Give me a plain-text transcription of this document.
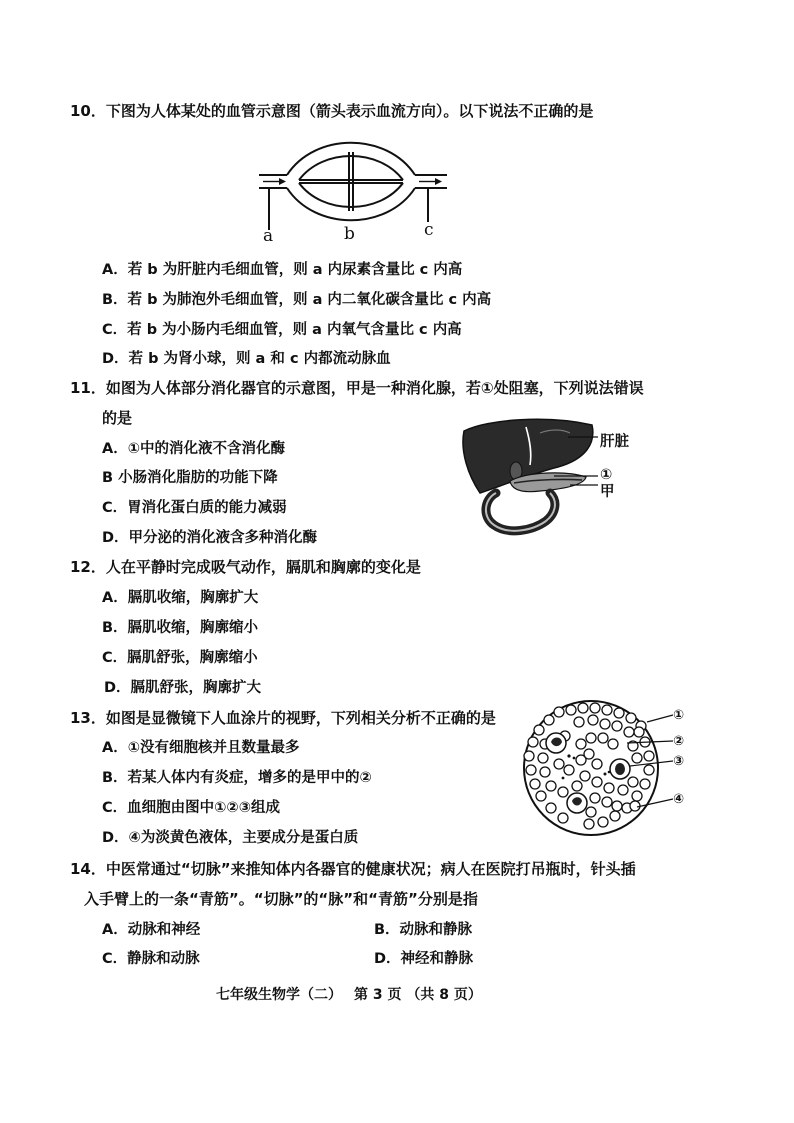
10．下图为人体某处的血管示意图（箭头表示血流方向）。以下说法不正确的是
a	b	c
A．若 b 为肝脏内毛细血管，则 a 内尿素含量比 c 内高
B．若 b 为肺泡外毛细血管，则 a 内二氧化碳含量比 c 内高
C．若 b 为小肠内毛细血管，则 a 内氧气含量比 c 内高
D．若 b 为肾小球，则 a 和 c 内都流动脉血
11．如图为人体部分消化器官的示意图，甲是一种消化腺，若①处阻塞，下列说法错误
的是
A．①中的消化液不含消化酶
B 小肠消化脂肪的功能下降
C．胃消化蛋白质的能力减弱
D．甲分泌的消化液含多种消化酶
肝脏
①
甲
12．人在平静时完成吸气动作，膈肌和胸廓的变化是
A．膈肌收缩，胸廓扩大
B．膈肌收缩，胸廓缩小
C．膈肌舒张，胸廓缩小
D．膈肌舒张，胸廓扩大
13．如图是显微镜下人血涂片的视野，下列相关分析不正确的是
A．①没有细胞核并且数量最多
B．若某人体内有炎症，增多的是甲中的②
C．血细胞由图中①②③组成
D．④为淡黄色液体，主要成分是蛋白质
①
②
③
④
14．中医常通过“切脉”来推知体内各器官的健康状况；病人在医院打吊瓶时，针头插
入手臂上的一条“青筋”。“切脉”的“脉”和“青筋”分别是指
A．动脉和神经	B．动脉和静脉
C．静脉和动脉	D．神经和静脉
七年级生物学（二） 第 3 页 （共 8 页）
